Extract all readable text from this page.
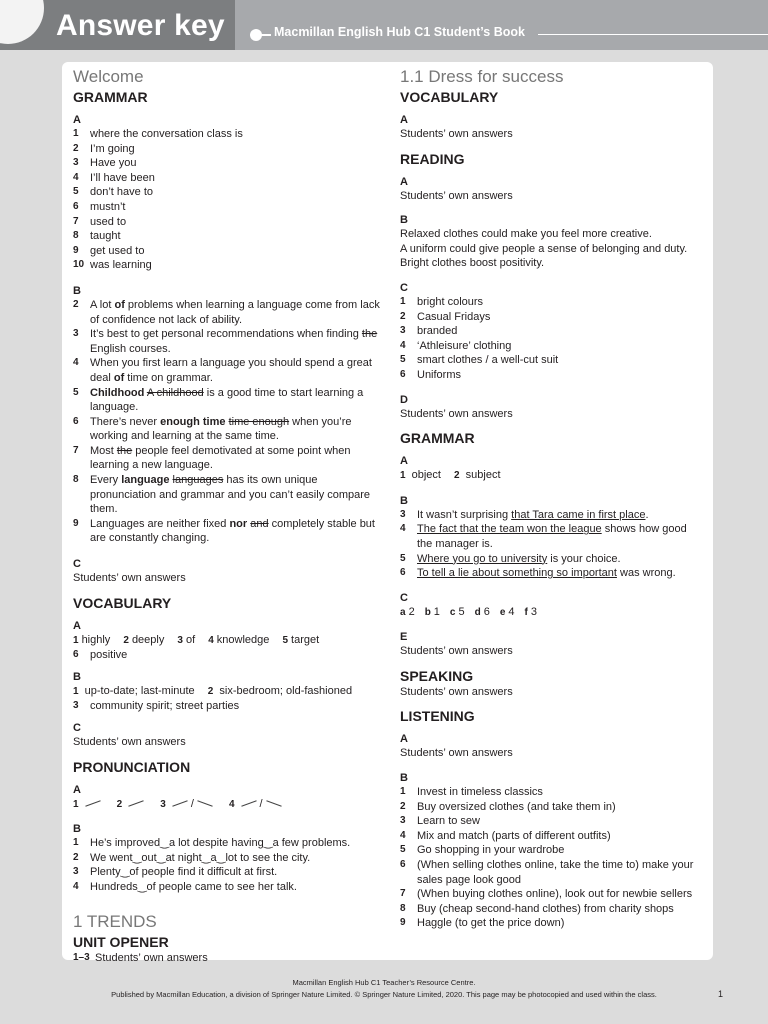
Answer key	Macmillan English Hub C1 Student’s Book
Welcome
GRAMMAR
A
1	where the conversation class is
2	I’m going
3	Have you
4	I’ll have been
5	don’t have to
6	mustn’t
7	used to
8	taught
9	get used to
10 was learning
B
2	A lot of problems when learning a language come from lack of confidence not lack of ability.
3	It’s best to get personal recommendations when finding the English courses.
4	When you first learn a language you should spend a great deal of time on grammar.
5	Childhood A childhood is a good time to start learning a language.
6	There’s never enough time time enough when you’re working and learning at the same time.
7	Most the people feel demotivated at some point when learning a new language.
8	Every language languages has its own unique pronunciation and grammar and you can’t easily compare them.
9	Languages are neither fixed nor and completely stable but are constantly changing.
C
Students’ own answers
VOCABULARY
A
1 highly 2 deeply 3 of 4 knowledge 5 target
6	positive
B
1 up-to-date; last-minute 2 six-bedroom; old-fashioned
3	community spirit; street parties
C
Students’ own answers
PRONUNCIATION
A
1	2	3 /	4 /
B
1	He’s improved‿a lot despite having‿a few problems.
2	We went‿out‿at night‿a‿lot to see the city.
3	Plenty‿of people find it difficult at first.
4	Hundreds‿of people came to see her talk.
1 TRENDS
UNIT OPENER
1–3 Students’ own answers
1.1 Dress for success
VOCABULARY
A
Students’ own answers
READING
A
Students’ own answers
B
Relaxed clothes could make you feel more creative.
A uniform could give people a sense of belonging and duty.
Bright clothes boost positivity.
C
1	bright colours
2	Casual Fridays
3	branded
4	‘Athleisure’ clothing
5	smart clothes / a well-cut suit
6	Uniforms
D
Students’ own answers
GRAMMAR
A
1 object 2 subject
B
3	It wasn’t surprising that Tara came in first place.
4	The fact that the team won the league shows how good the manager is.
5	Where you go to university is your choice.
6	To tell a lie about something so important was wrong.
C
a 2 b 1 c 5 d 6 e 4 f 3
E
Students’ own answers
SPEAKING
Students’ own answers
LISTENING
A
Students’ own answers
B
1	Invest in timeless classics
2	Buy oversized clothes (and take them in)
3	Learn to sew
4	Mix and match (parts of different outfits)
5	Go shopping in your wardrobe
6	(When selling clothes online, take the time to) make your sales page look good
7	(When buying clothes online), look out for newbie sellers
8	Buy (cheap second-hand clothes) from charity shops
9	Haggle (to get the price down)
Macmillan English Hub C1 Teacher’s Resource Centre.
Published by Macmillan Education, a division of Springer Nature Limited. © Springer Nature Limited, 2020. This page may be photocopied and used within the class.	1
